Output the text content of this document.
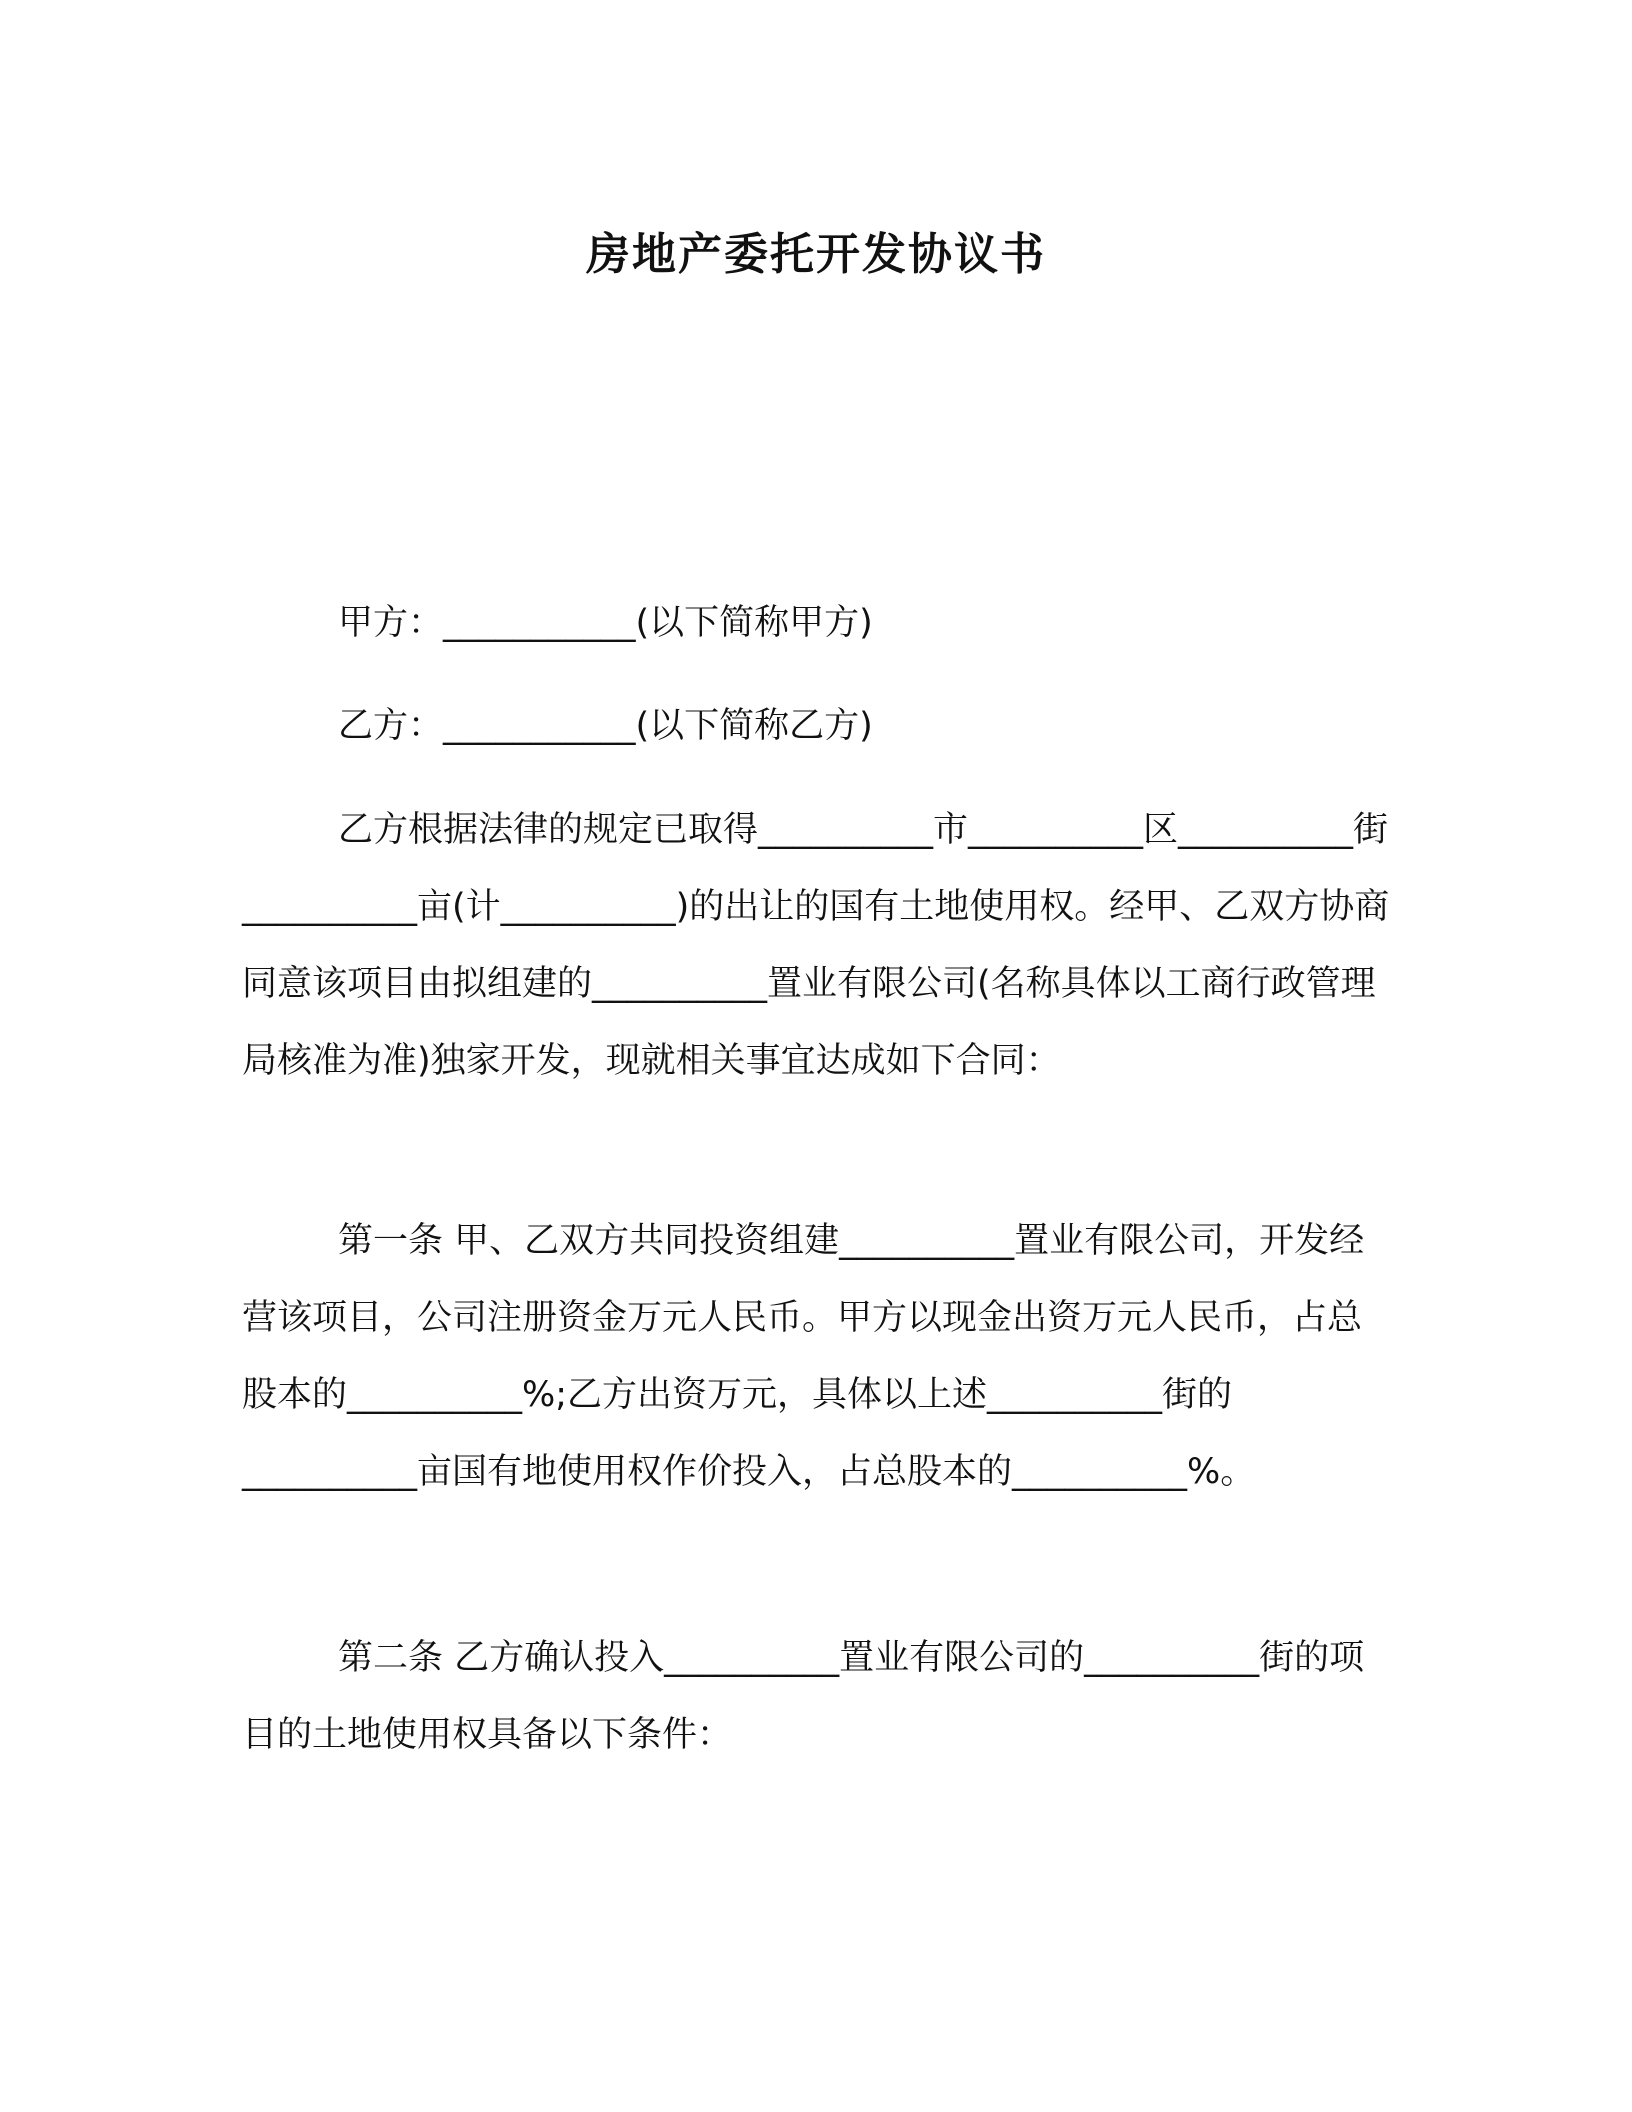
房地产委托开发协议书
甲方：___________(以下简称甲方)
乙方：___________(以下简称乙方)
乙方根据法律的规定已取得__________市__________区__________街__________亩(计__________)的出让的国有土地使用权。经甲、乙双方协商同意该项目由拟组建的__________置业有限公司(名称具体以工商行政管理局核准为准)独家开发，现就相关事宜达成如下合同：
第一条 甲、乙双方共同投资组建__________置业有限公司，开发经营该项目，公司注册资金万元人民币。甲方以现金出资万元人民币，占总股本的__________%;乙方出资万元，具体以上述__________街的__________亩国有地使用权作价投入，占总股本的__________%。
第二条 乙方确认投入__________置业有限公司的__________街的项目的土地使用权具备以下条件：
